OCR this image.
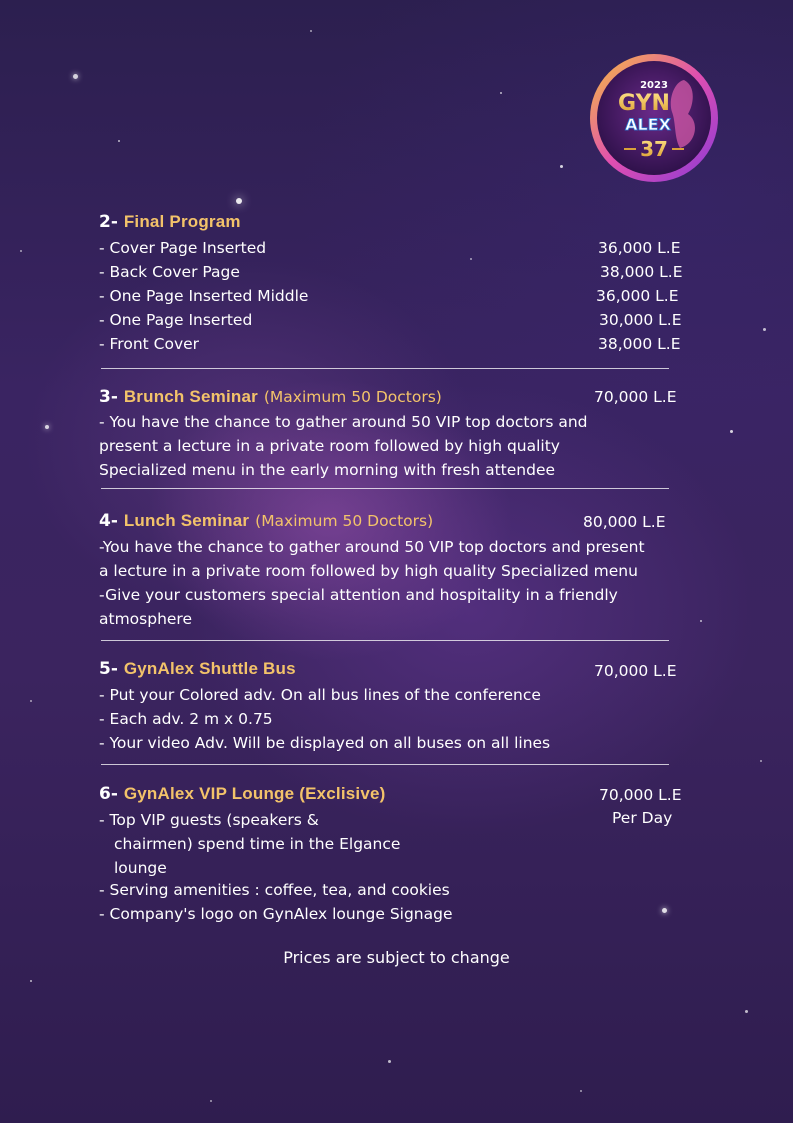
2023
GYN
ALEX
37
2- Final Program
- Cover Page Inserted	36,000 L.E
- Back Cover Page	38,000 L.E
- One Page Inserted Middle	36,000 L.E
- One Page Inserted	30,000 L.E
- Front Cover	38,000 L.E
3- Brunch Seminar (Maximum 50 Doctors)	70,000 L.E
- You have the chance to gather around 50 VIP top doctors and
present a lecture in a private room followed by high quality
Specialized menu in the early morning with fresh attendee
4- Lunch Seminar (Maximum 50 Doctors)	80,000 L.E
-You have the chance to gather around 50 VIP top doctors and present
a lecture in a private room followed by high quality Specialized menu
-Give your customers special attention and hospitality in a friendly
atmosphere
5- GynAlex Shuttle Bus	70,000 L.E
- Put your Colored adv. On all bus lines of the conference
- Each adv. 2 m x 0.75
- Your video Adv. Will be displayed on all buses on all lines
6- GynAlex VIP Lounge (Exclisive)	70,000 L.E
Per Day
- Top VIP guests (speakers &
chairmen) spend time in the Elgance
lounge
- Serving amenities : coffee, tea, and cookies
- Company's logo on GynAlex lounge Signage
Prices are subject to change
